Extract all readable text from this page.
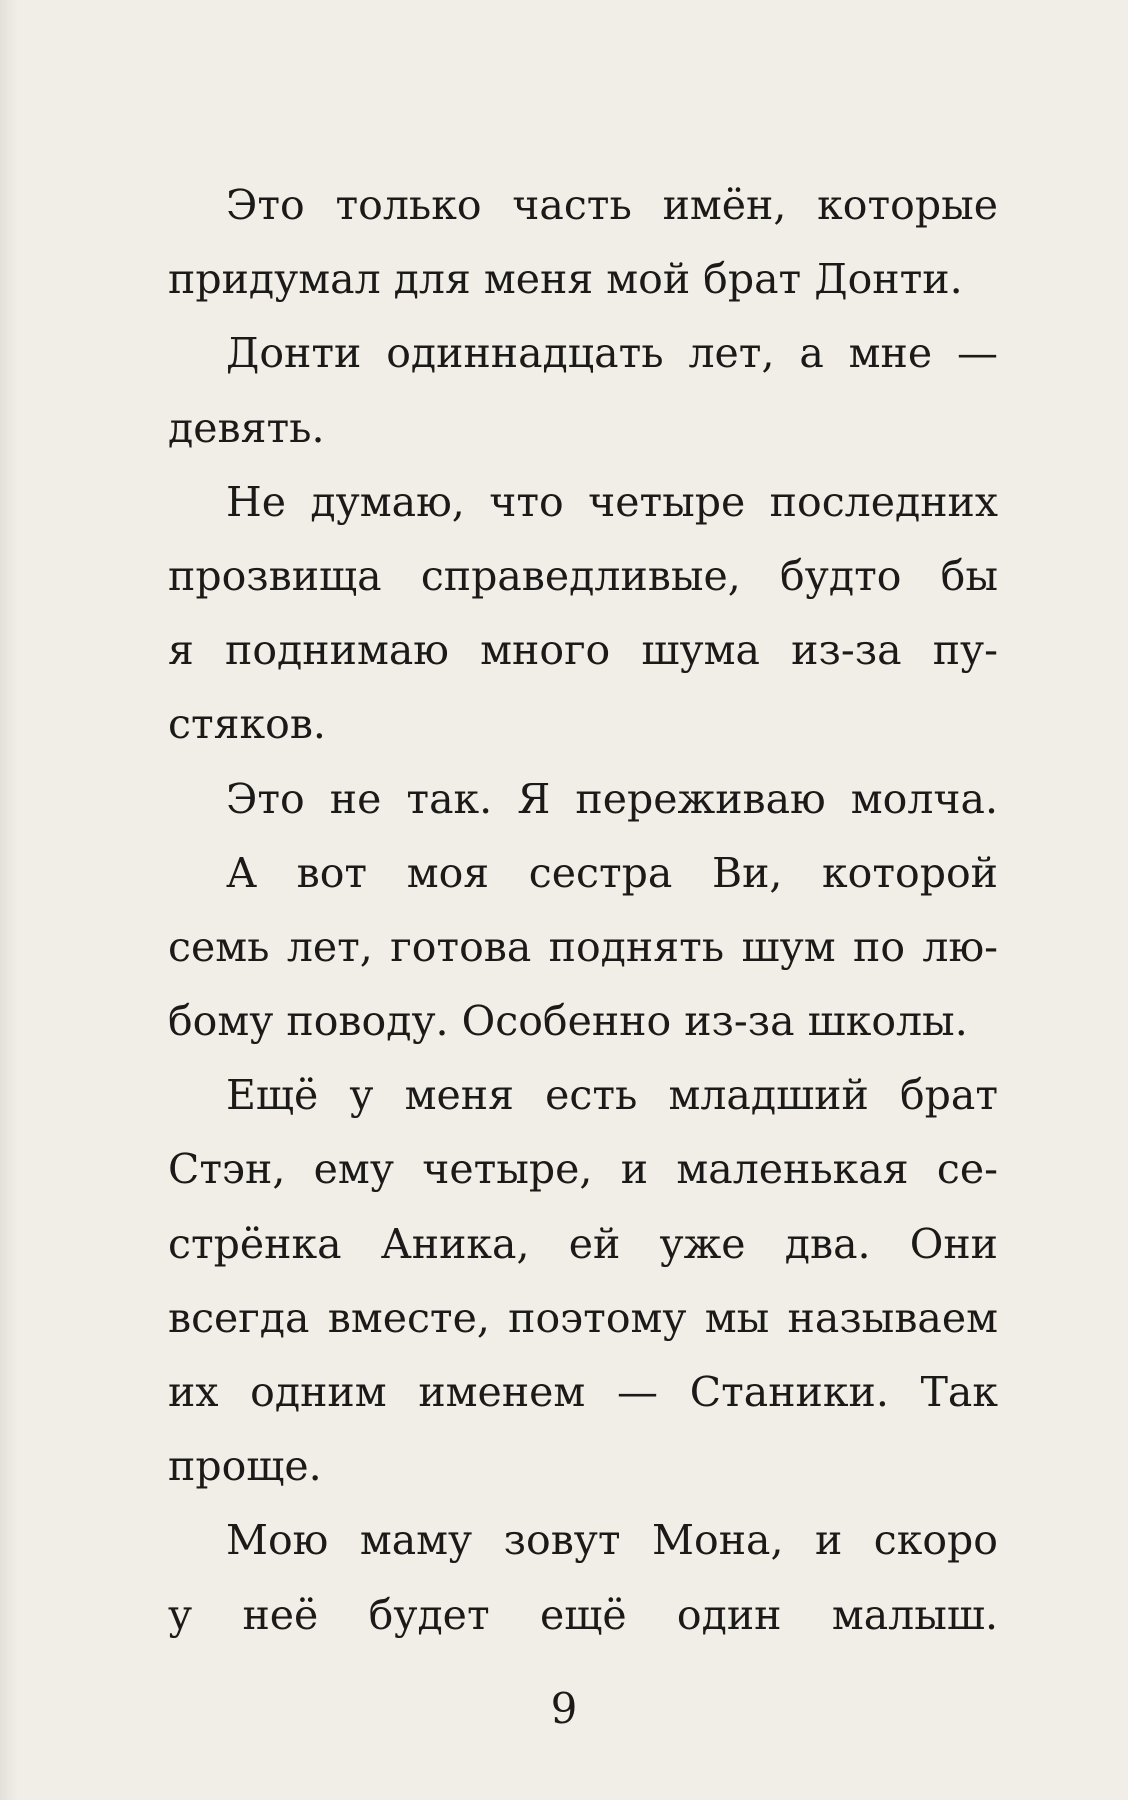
Это только часть имён, которые
придумал для меня мой брат Донти.
Донти одиннадцать лет, а мне —
девять.
Не думаю, что четыре последних
прозвища справедливые, будто бы
я поднимаю много шума из-за пу-
стяков.
Это не так. Я переживаю молча.
А вот моя сестра Ви, которой
семь лет, готова поднять шум по лю-
бому поводу. Особенно из-за школы.
Ещё у меня есть младший брат
Стэн, ему четыре, и маленькая се-
стрёнка Аника, ей уже два. Они
всегда вместе, поэтому мы называем
их одним именем — Станики. Так
проще.
Мою маму зовут Мона, и скоро
у неё будет ещё один малыш.
9
